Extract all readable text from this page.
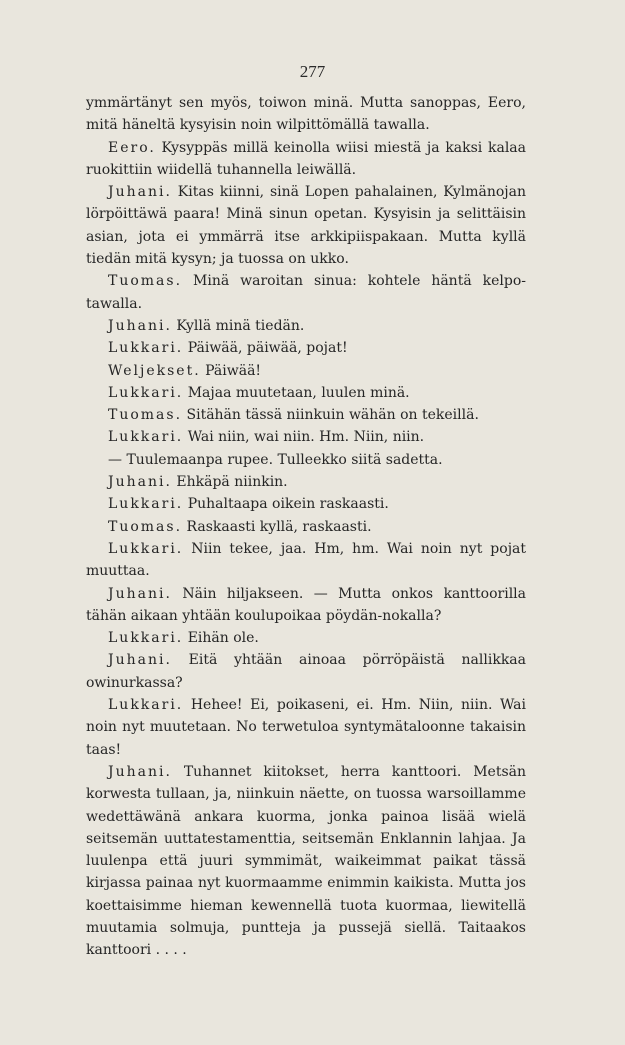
277

ymmärtänyt sen myös, toiwon minä. Mutta sanoppas, Eero, mitä häneltä kysyisin noin wilpittömällä tawalla.

Eero. Kysyppäs millä keinolla wiisi miestä ja kaksi kalaa ruokittiin wiidellä tuhannella leiwällä.

Juhani. Kitas kiinni, sinä Lopen pahalainen, Kylmänojan lörpöittäwä paara! Minä sinun opetan. Kysyisin ja selittäisin asian, jota ei ymmärrä itse arkkipiispakaan. Mutta kyllä tiedän mitä kysyn; ja tuossa on ukko.

Tuomas. Minä waroitan sinua: kohtele häntä kelpo-tawalla.

Juhani. Kyllä minä tiedän.

Lukkari. Päiwää, päiwää, pojat!

Weljekset. Päiwää!

Lukkari. Majaa muutetaan, luulen minä.

Tuomas. Sitähän tässä niinkuin wähän on tekeillä.

Lukkari. Wai niin, wai niin. Hm. Niin, niin.

— Tuulemaanpa rupee. Tulleekko siitä sadetta.

Juhani. Ehkäpä niinkin.

Lukkari. Puhaltaapa oikein raskaasti.

Tuomas. Raskaasti kyllä, raskaasti.

Lukkari. Niin tekee, jaa. Hm, hm. Wai noin nyt pojat muuttaa.

Juhani. Näin hiljakseen. — Mutta onkos kanttoorilla tähän aikaan yhtään koulupoikaa pöydän-nokalla?

Lukkari. Eihän ole.

Juhani. Eitä yhtään ainoaa pörröpäistä nallikkaa owinurkassa?

Lukkari. Hehee! Ei, poikaseni, ei. Hm. Niin, niin. Wai noin nyt muutetaan. No terwetuloa syntymätaloonne takaisin taas!

Juhani. Tuhannet kiitokset, herra kanttoori. Metsän korwesta tullaan, ja, niinkuin näette, on tuossa warsoillamme wedettäwänä ankara kuorma, jonka painoa lisää wielä seitsemän uuttatestamenttia, seitsemän Enklannin lahjaa. Ja luulenpa että juuri symmimät, waikeimmat paikat tässä kirjassa painaa nyt kuormaamme enimmin kaikista. Mutta jos koettaisimme hieman kewennellä tuota kuormaa, liewitellä muutamia solmuja, puntteja ja pussejä siellä. Taitaakos kanttoori . . . .
